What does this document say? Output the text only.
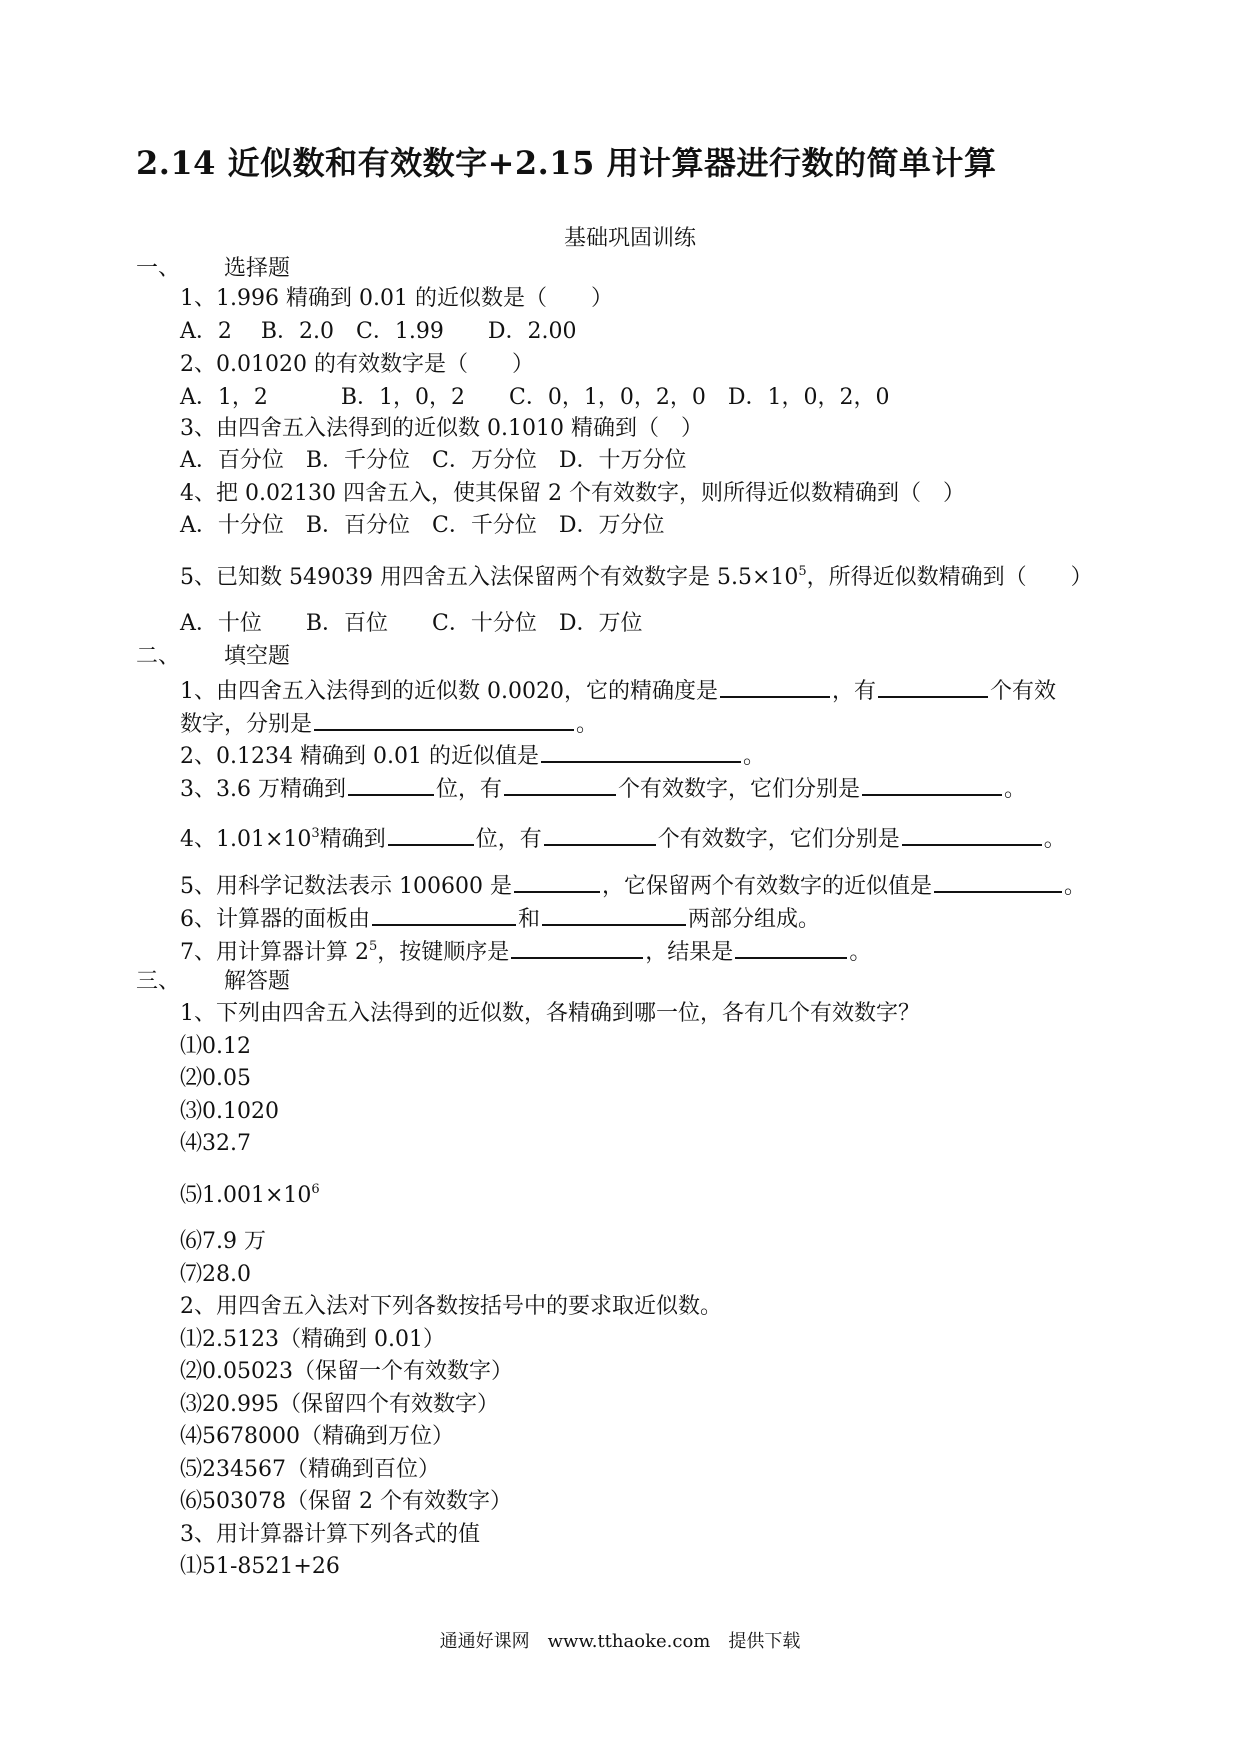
2.14 近似数和有效数字+2.15 用计算器进行数的简单计算
基础巩固训练
一、 选择题
1、1.996 精确到 0.01 的近似数是（　　）
A．2　 B．2.0　C．1.99　　D．2.00
2、0.01020 的有效数字是（　　）
A．1，2　　　 B．1，0，2　　C．0，1，0，2，0　D．1，0，2，0
3、由四舍五入法得到的近似数 0.1010 精确到（　）
A．百分位　B．千分位　C．万分位　D．十万分位
4、把 0.02130 四舍五入，使其保留 2 个有效数字，则所得近似数精确到（　）
A．十分位　B．百分位　C．千分位　D．万分位
5、已知数 549039 用四舍五入法保留两个有效数字是 $5.5\times 10^5$，所得近似数精确到（　　）
A．十位　　B．百位　　C．十分位　D．万位
二、 填空题
1、由四舍五入法得到的近似数 0.0020，它的精确度是	，有	个有效
数字，分别是	。
2、0.1234 精确到 0.01 的近似值是	。
3、3.6 万精确到	位，有	个有效数字，它们分别是	。
4、$1.01\times 10^3$精确到	位，有	个有效数字，它们分别是	。
5、用科学记数法表示 100600 是	，它保留两个有效数字的近似值是	。
6、计算器的面板由	和	两部分组成。
7、用计算器计算 $2^5$，按键顺序是	，结果是	。
三、 解答题
1、下列由四舍五入法得到的近似数，各精确到哪一位，各有几个有效数字？
⑴0.12
⑵0.05
⑶0.1020
⑷32.7
$⑸1.001\times 10^6$
⑹7.9 万
⑺28.0
2、用四舍五入法对下列各数按括号中的要求取近似数。
⑴2.5123（精确到 0.01）
⑵0.05023（保留一个有效数字）
⑶20.995（保留四个有效数字）
⑷5678000（精确到万位）
⑸234567（精确到百位）
⑹503078（保留 2 个有效数字）
3、用计算器计算下列各式的值
⑴51-8521+26
通通好课网　www.tthaoke.com　提供下载
